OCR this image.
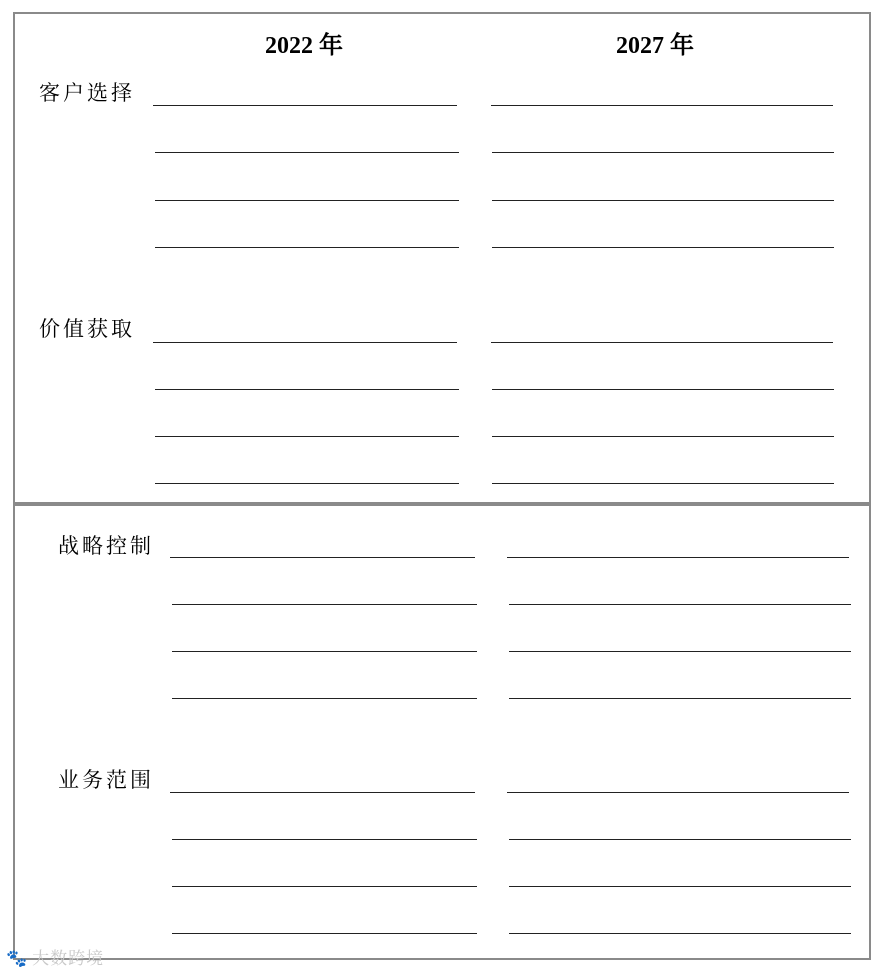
2022 年	2027 年
客户选择
价值获取
战略控制
业务范围
🐾 大数跨境
